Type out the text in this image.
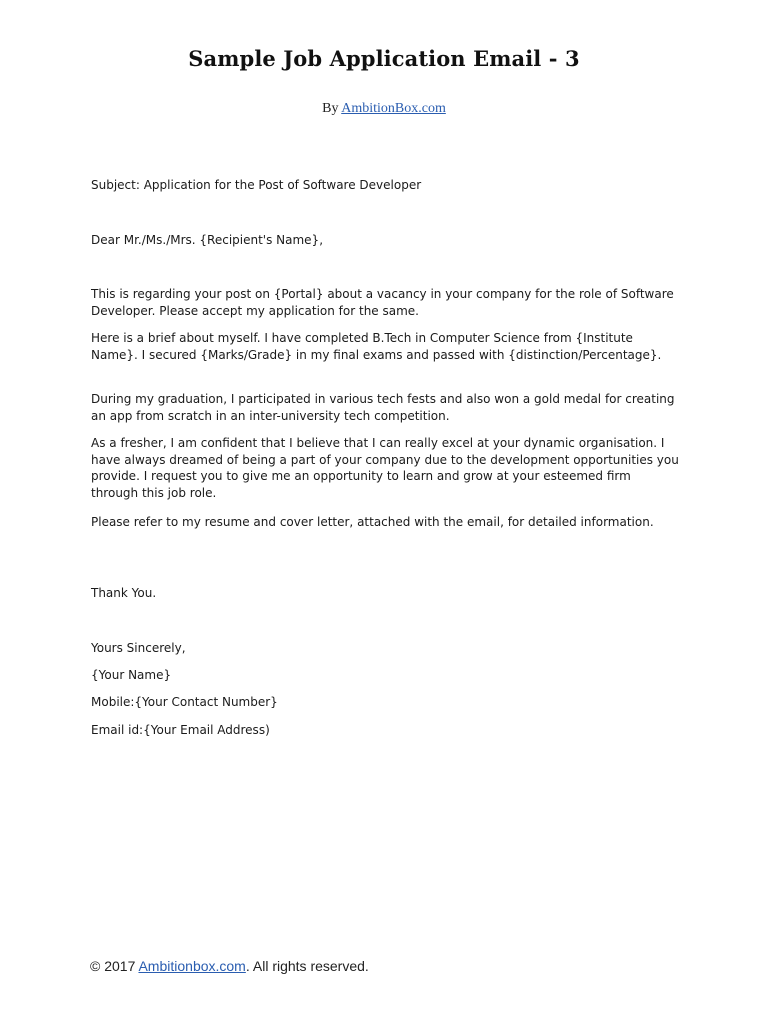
Sample Job Application Email - 3
By AmbitionBox.com
Subject: Application for the Post of Software Developer
Dear Mr./Ms./Mrs. {Recipient's Name},
This is regarding your post on {Portal} about a vacancy in your company for the role of Software Developer. Please accept my application for the same.
Here is a brief about myself. I have completed B.Tech in Computer Science from {Institute Name}. I secured {Marks/Grade} in my final exams and passed with {distinction/Percentage}.
During my graduation, I participated in various tech fests and also won a gold medal for creating an app from scratch in an inter-university tech competition.
As a fresher, I am confident that I believe that I can really excel at your dynamic organisation. I have always dreamed of being a part of your company due to the development opportunities you provide. I request you to give me an opportunity to learn and grow at your esteemed firm through this job role.
Please refer to my resume and cover letter, attached with the email, for detailed information.
Thank You.
Yours Sincerely,
{Your Name}
Mobile:{Your Contact Number}
Email id:{Your Email Address)
© 2017 Ambitionbox.com. All rights reserved.
